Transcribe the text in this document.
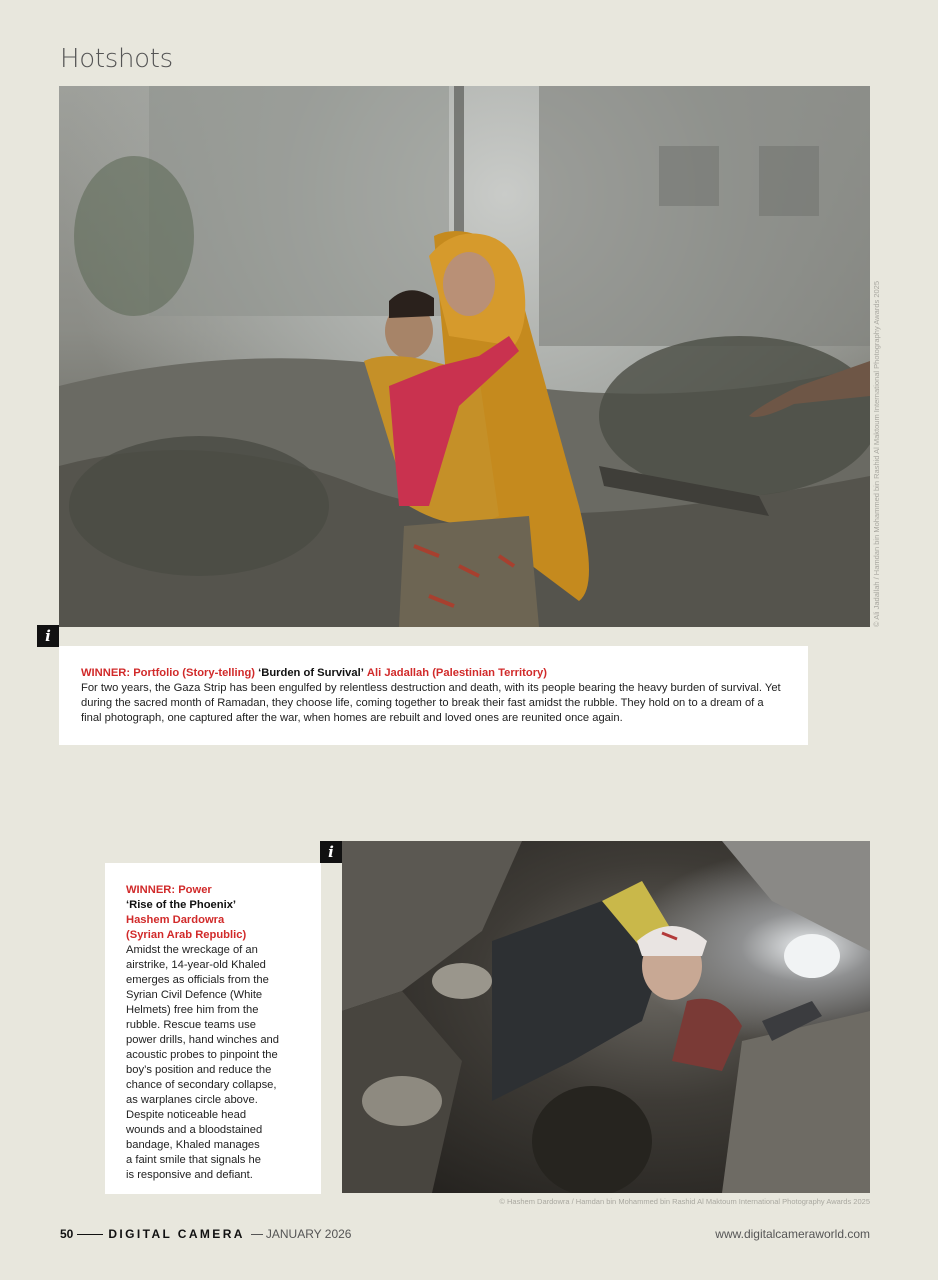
Hotshots
i
© Ali Jadallah / Hamdan bin Mohammed bin Rashid Al Maktoum International Photography Awards 2025
WINNER: Portfolio (Story-telling) ‘Burden of Survival’ Ali Jadallah (Palestinian Territory)
For two years, the Gaza Strip has been engulfed by relentless destruction and death, with its people bearing the heavy burden of survival. Yet during the sacred month of Ramadan, they choose life, coming together to break their fast amidst the rubble. They hold on to a dream of a final photograph, one captured after the war, when homes are rebuilt and loved ones are reunited once again.
WINNER: Power
‘Rise of the Phoenix’
Hashem Dardowra
(Syrian Arab Republic)
Amidst the wreckage of an
airstrike, 14-year-old Khaled
emerges as officials from the
Syrian Civil Defence (White
Helmets) free him from the
rubble. Rescue teams use
power drills, hand winches and
acoustic probes to pinpoint the
boy’s position and reduce the
chance of secondary collapse,
as warplanes circle above.
Despite noticeable head
wounds and a bloodstained
bandage, Khaled manages
a faint smile that signals he
is responsive and defiant.
i
© Hashem Dardowra / Hamdan bin Mohammed bin Rashid Al Maktoum International Photography Awards 2025
50	DIGITAL CAMERA JANUARY 2026	www.digitalcameraworld.com
